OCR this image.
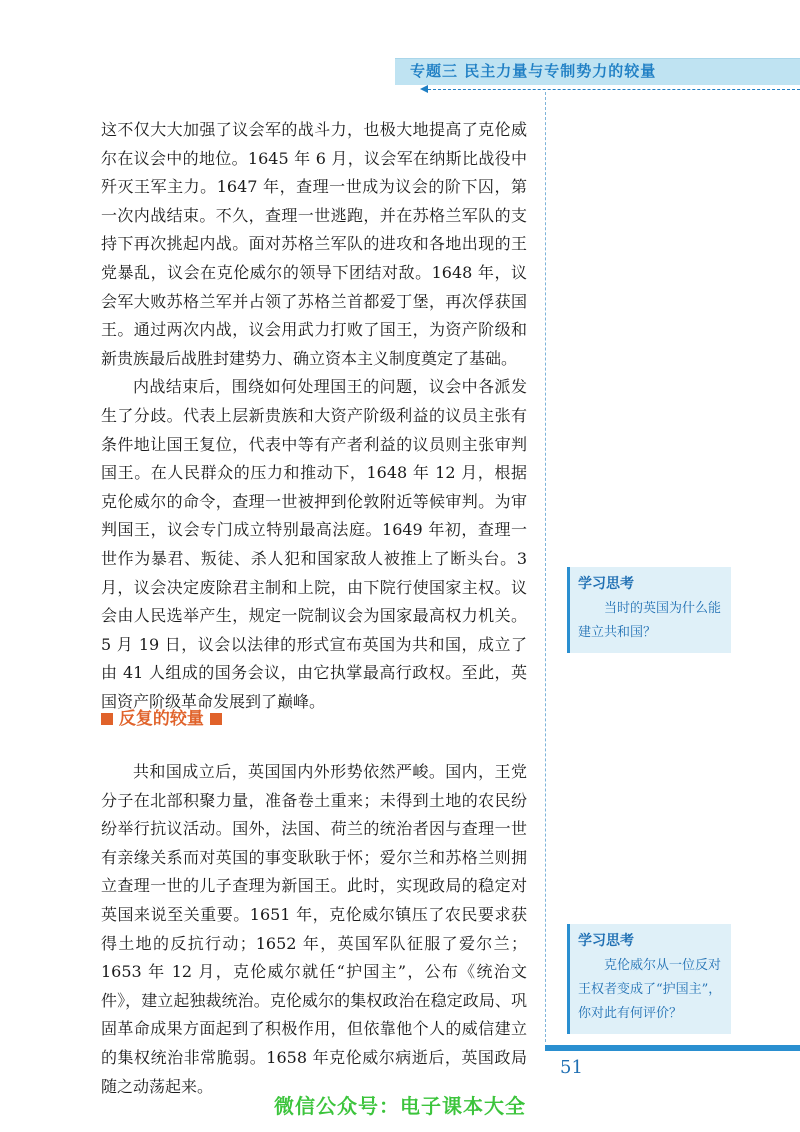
专题三 民主力量与专制势力的较量

这不仅大大加强了议会军的战斗力，也极大地提高了克伦威尔在议会中的地位。1645 年 6 月，议会军在纳斯比战役中歼灭王军主力。1647 年，查理一世成为议会的阶下囚，第一次内战结束。不久，查理一世逃跑，并在苏格兰军队的支持下再次挑起内战。面对苏格兰军队的进攻和各地出现的王党暴乱，议会在克伦威尔的领导下团结对敌。1648 年，议会军大败苏格兰军并占领了苏格兰首都爱丁堡，再次俘获国王。通过两次内战，议会用武力打败了国王，为资产阶级和新贵族最后战胜封建势力、确立资本主义制度奠定了基础。

内战结束后，围绕如何处理国王的问题，议会中各派发生了分歧。代表上层新贵族和大资产阶级利益的议员主张有条件地让国王复位，代表中等有产者利益的议员则主张审判国王。在人民群众的压力和推动下，1648 年 12 月，根据克伦威尔的命令，查理一世被押到伦敦附近等候审判。为审判国王，议会专门成立特别最高法庭。1649 年初，查理一世作为暴君、叛徒、杀人犯和国家敌人被推上了断头台。3 月，议会决定废除君主制和上院，由下院行使国家主权。议会由人民选举产生，规定一院制议会为国家最高权力机关。5 月 19 日，议会以法律的形式宣布英国为共和国，成立了由 41 人组成的国务会议，由它执掌最高行政权。至此，英国资产阶级革命发展到了巅峰。

反复的较量

共和国成立后，英国国内外形势依然严峻。国内，王党分子在北部积聚力量，准备卷土重来；未得到土地的农民纷纷举行抗议活动。国外，法国、荷兰的统治者因与查理一世有亲缘关系而对英国的事变耿耿于怀；爱尔兰和苏格兰则拥立查理一世的儿子查理为新国王。此时，实现政局的稳定对英国来说至关重要。1651 年，克伦威尔镇压了农民要求获得土地的反抗行动；1652 年，英国军队征服了爱尔兰；1653 年 12 月，克伦威尔就任“护国主”，公布《统治文件》，建立起独裁统治。克伦威尔的集权政治在稳定政局、巩固革命成果方面起到了积极作用，但依靠他个人的威信建立的集权统治非常脆弱。1658 年克伦威尔病逝后，英国政局随之动荡起来。

学习思考
当时的英国为什么能建立共和国？
学习思考
克伦威尔从一位反对王权者变成了“护国主”，你对此有何评价？
51
微信公众号：电子课本大全
